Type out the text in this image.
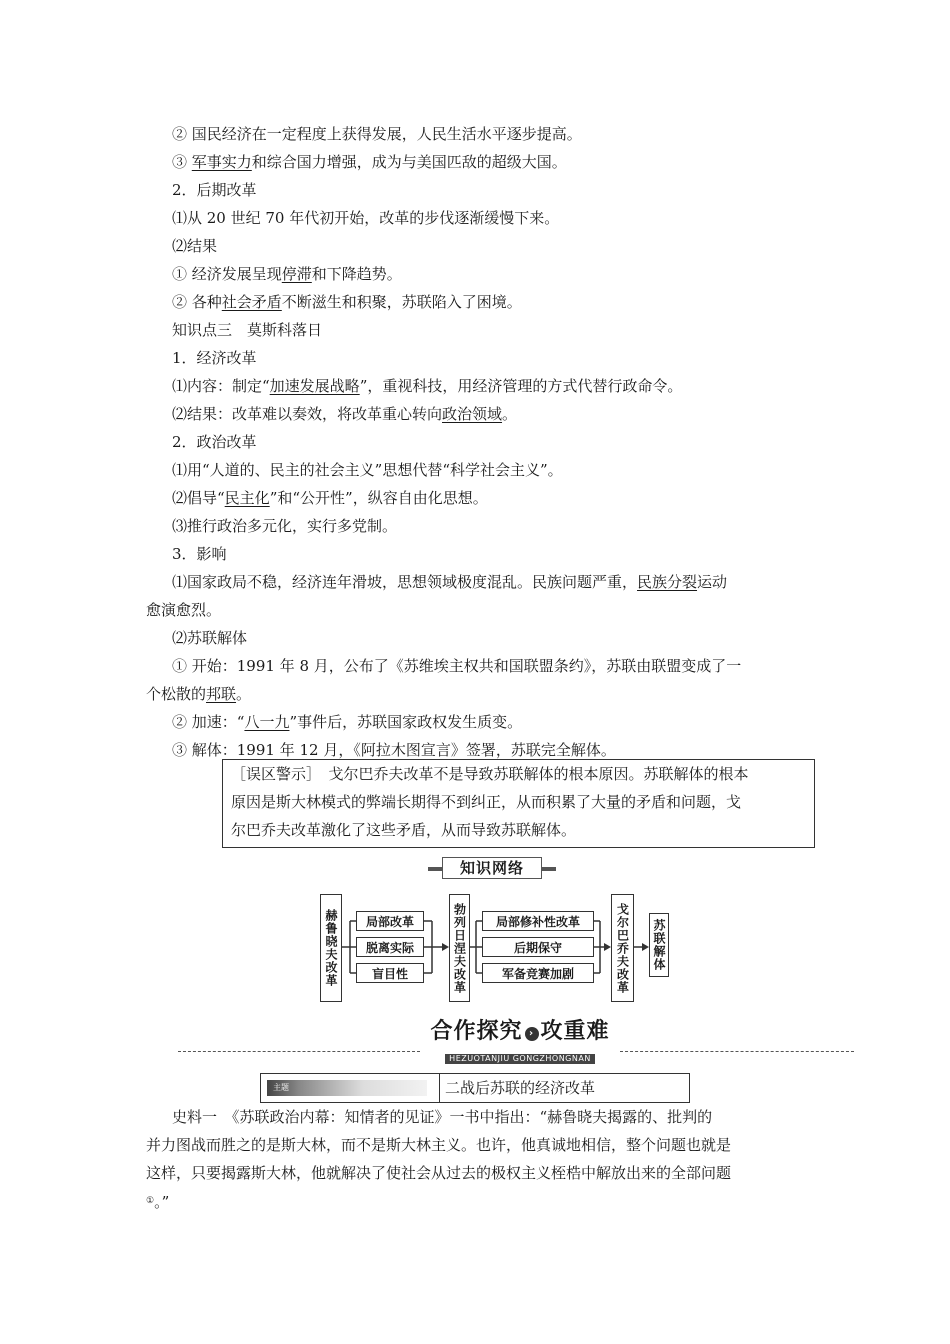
② 国民经济在一定程度上获得发展，人民生活水平逐步提高。
③ 军事实力和综合国力增强，成为与美国匹敌的超级大国。
2．后期改革
⑴从 20 世纪 70 年代初开始，改革的步伐逐渐缓慢下来。
⑵结果
① 经济发展呈现停滞和下降趋势。
② 各种社会矛盾不断滋生和积聚，苏联陷入了困境。
知识点三　莫斯科落日
1．经济改革
⑴内容：制定“加速发展战略”，重视科技，用经济管理的方式代替行政命令。
⑵结果：改革难以奏效，将改革重心转向政治领域。
2．政治改革
⑴用“人道的、民主的社会主义”思想代替“科学社会主义”。
⑵倡导“民主化”和“公开性”，纵容自由化思想。
⑶推行政治多元化，实行多党制。
3．影响
⑴国家政局不稳，经济连年滑坡，思想领域极度混乱。民族问题严重，民族分裂运动
愈演愈烈。
⑵苏联解体
① 开始：1991 年 8 月，公布了《苏维埃主权共和国联盟条约》，苏联由联盟变成了一
个松散的邦联。
② 加速：“八一九”事件后，苏联国家政权发生质变。
③ 解体：1991 年 12 月，《阿拉木图宣言》签署，苏联完全解体。
［误区警示］　戈尔巴乔夫改革不是导致苏联解体的根本原因。苏联解体的根本
原因是斯大林模式的弊端长期得不到纠正，从而积累了大量的矛盾和问题，戈
尔巴乔夫改革激化了这些矛盾，从而导致苏联解体。
知识网络
赫鲁晓夫改革	局部改革
脱离实际
盲目性	勃列日涅夫改革	局部修补性改革
后期保守
军备竞赛加剧	戈尔巴乔夫改革 苏联解体
合作探究 › 攻重难
HEZUOTANJIU GONGZHONGNAN
主题	二战后苏联的经济改革
史料一　《苏联政治内幕：知情者的见证》一书中指出：“赫鲁晓夫揭露的、批判的
并力图战而胜之的是斯大林，而不是斯大林主义。也许，他真诚地相信，整个问题也就是
这样，只要揭露斯大林，他就解决了使社会从过去的极权主义桎梏中解放出来的全部问题
①。”
